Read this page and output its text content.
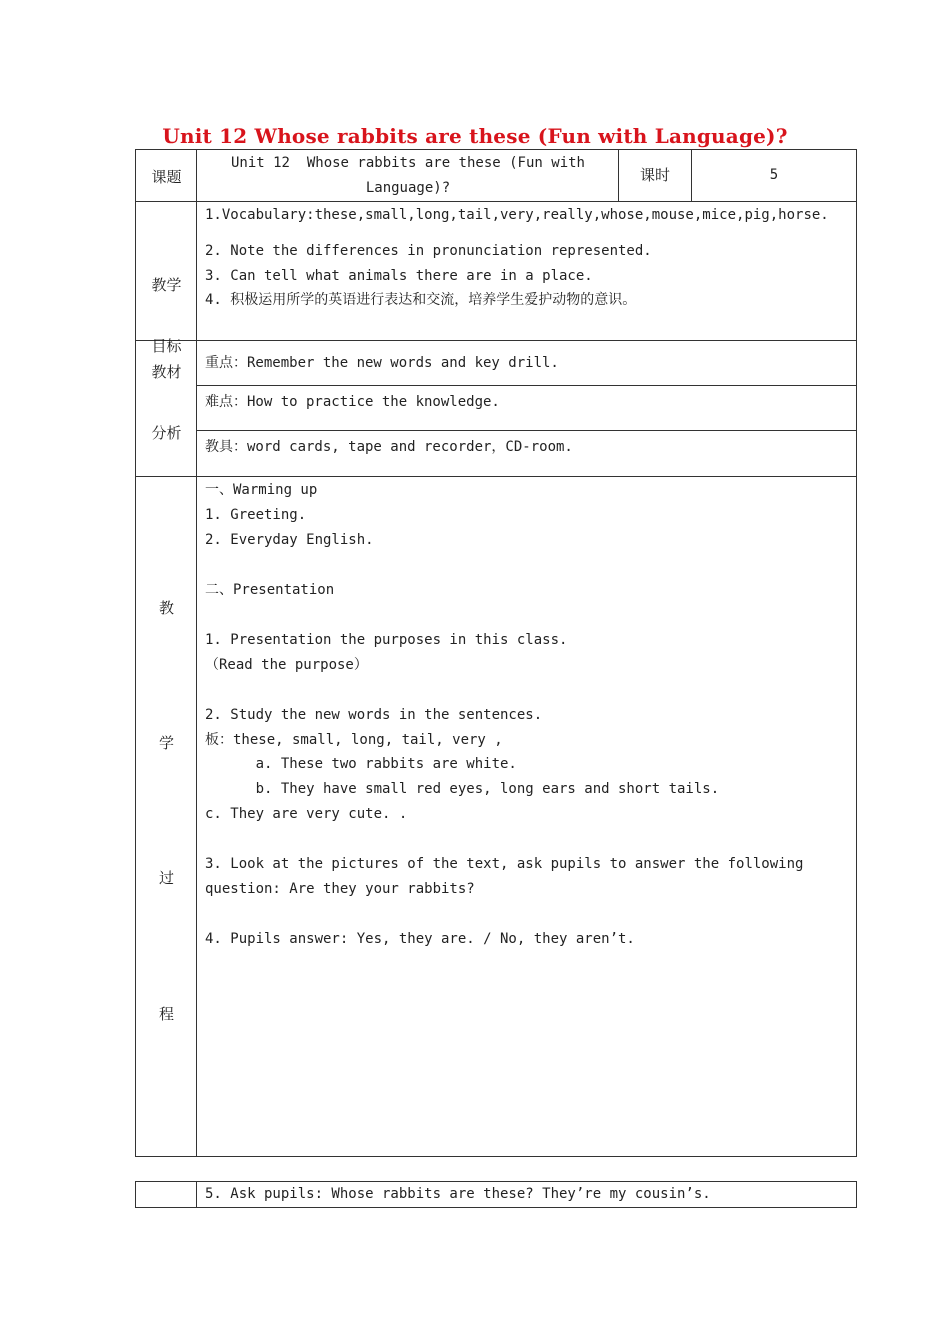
Unit 12 Whose rabbits are these (Fun with Language)?
课题
Unit 12  Whose rabbits are these (Fun with
Language)?
课时	5
教学
目标
1.Vocabulary:these,small,long,tail,very,really,whose,mouse,mice,pig,horse.
2. Note the differences in pronunciation represented.
3. Can tell what animals there are in a place.
4. 积极运用所学的英语进行表达和交流，培养学生爱护动物的意识。
教材
分析
重点：Remember the new words and key drill.
难点：How to practice the knowledge.
教具：word cards, tape and recorder，CD-room.
教
学
过
程
一、Warming up
1. Greeting.
2. Everyday English.
二、Presentation
1. Presentation the purposes in this class.
（Read the purpose）
2. Study the new words in the sentences.
板：these, small, long, tail, very ,
a. These two rabbits are white.
b. They have small red eyes, long ears and short tails.
c. They are very cute. .
3. Look at the pictures of the text, ask pupils to answer the following
question: Are they your rabbits?
4. Pupils answer: Yes, they are. / No, they aren’t.
5. Ask pupils: Whose rabbits are these? They’re my cousin’s.
